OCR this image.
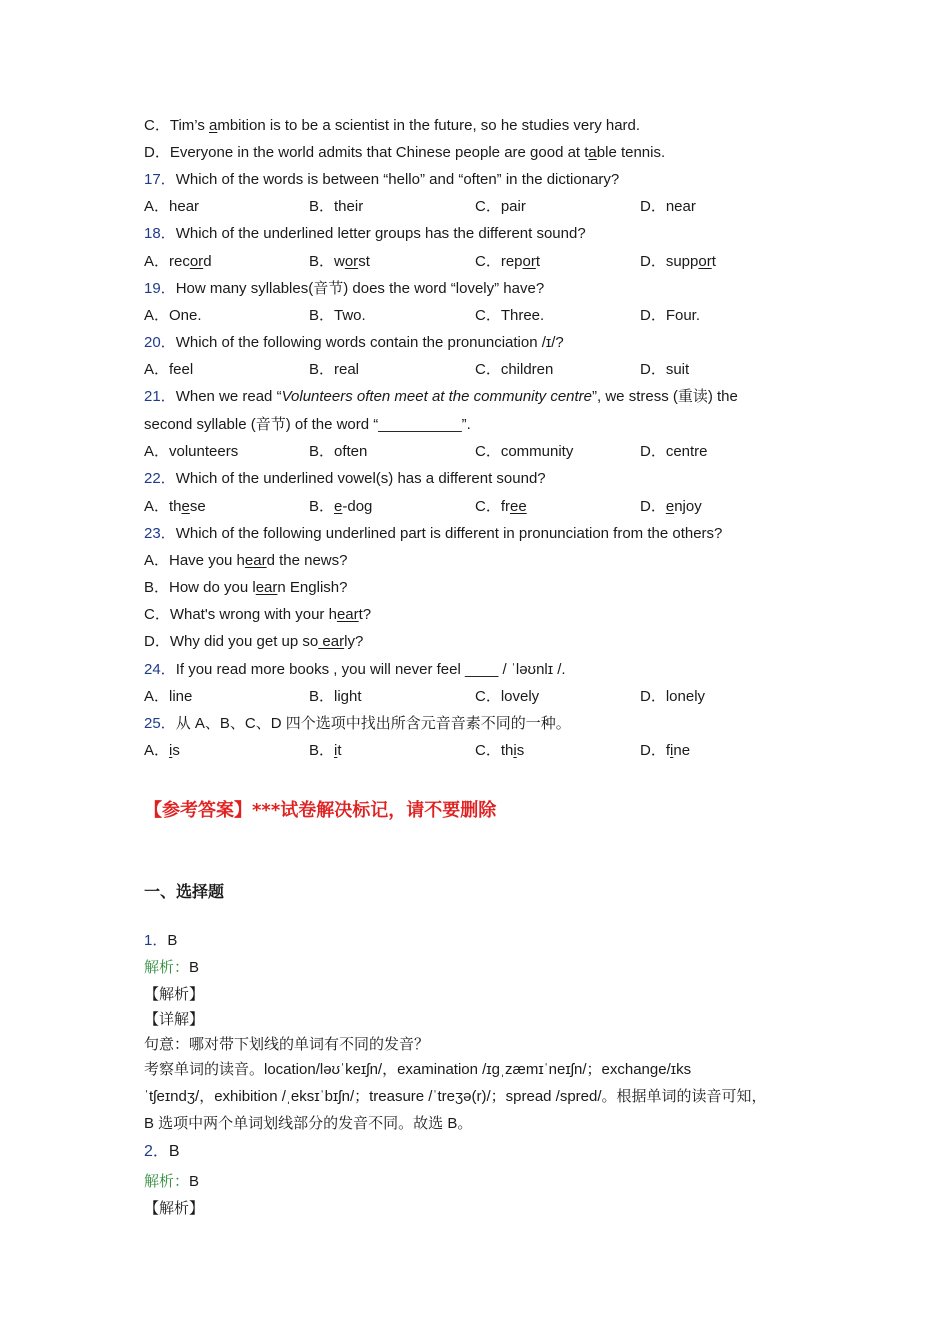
C．Tim’s ambition is to be a scientist in the future, so he studies very hard.
D．Everyone in the world admits that Chinese people are good at table tennis.
17．Which of the words is between “hello” and “often” in the dictionary?
A．hear	B．their	C．pair	D．near
18．Which of the underlined letter groups has the different sound?
A．record	B．worst	C．report	D．support
19．How many syllables(音节) does the word “lovely” have?
A．One.	B．Two.	C．Three.	D．Four.
20．Which of the following words contain the pronunciation /ɪ/?
A．feel	B．real	C．children	D．suit
21．When we read “Volunteers often meet at the community centre”, we stress (重读) the
second syllable (音节) of the word “__________”.
A．volunteers	B．often	C．community	D．centre
22．Which of the underlined vowel(s) has a different sound?
A．these	B．e-dog	C．free	D．enjoy
23．Which of the following underlined part is different in pronunciation from the others?
A．Have you heard the news?
B．How do you learn English?
C．What's wrong with your heart?
D．Why did you get up so early?
24．If you read more books , you will never feel ____ / ˈləʊnlɪ /.
A．line	B．light	C．lovely	D．lonely
25．从 A、B、C、D 四个选项中找出所含元音音素不同的一种。
A．is	B．it	C．this	D．fine
【参考答案】***试卷解决标记，请不要删除
一、选择题
1．B
解析：B
【解析】
【详解】
句意：哪对带下划线的单词有不同的发音？
考察单词的读音。location/ləʊˈkeɪʃn/，examination /ɪɡˌzæmɪˈneɪʃn/；exchange/ɪks
ˈtʃeɪndʒ/，exhibition /ˌeksɪˈbɪʃn/；treasure /ˈtreʒə(r)/；spread /spred/。根据单词的读音可知，
B 选项中两个单词划线部分的发音不同。故选 B。
2．B
解析：B
【解析】
